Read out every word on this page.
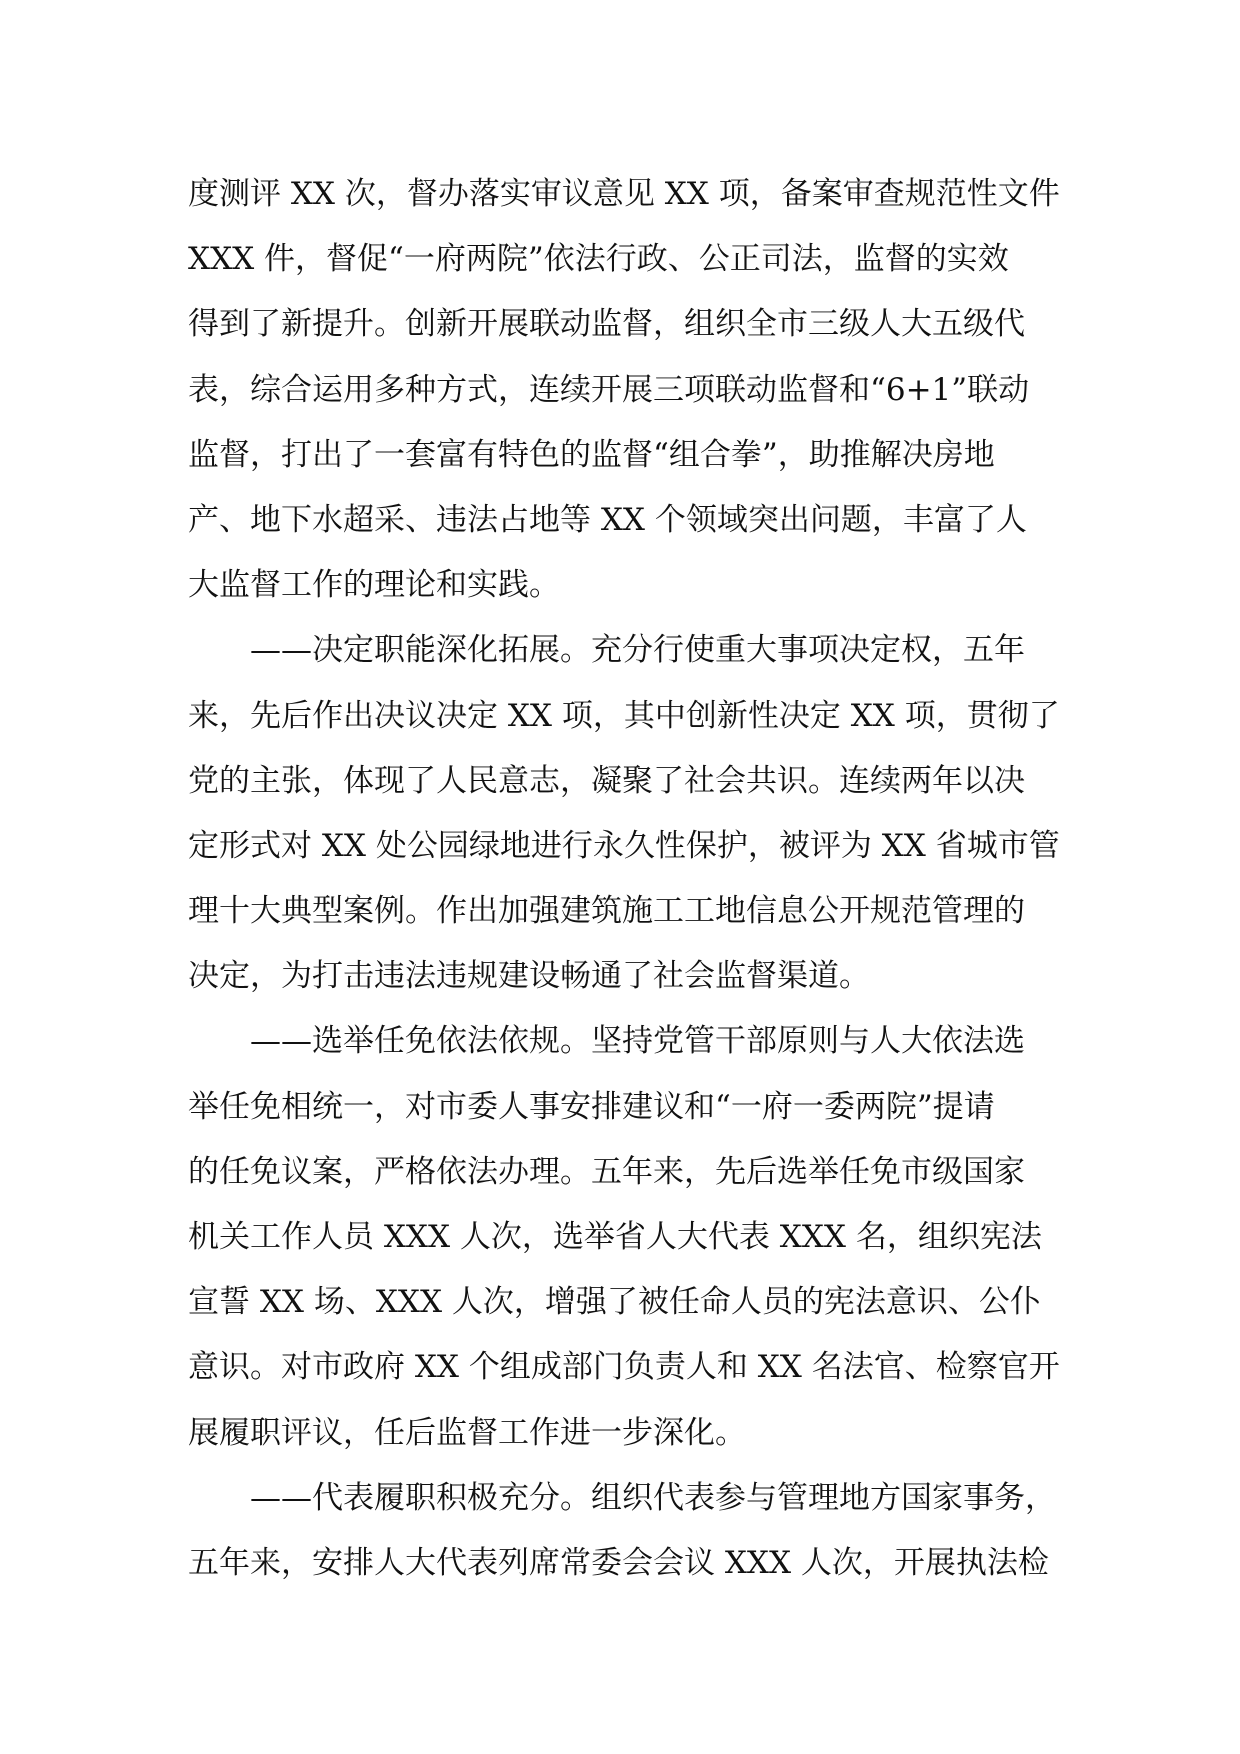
度测评 XX 次，督办落实审议意见 XX 项，备案审查规范性文件
XXX 件，督促“一府两院”依法行政、公正司法，监督的实效
得到了新提升。创新开展联动监督，组织全市三级人大五级代
表，综合运用多种方式，连续开展三项联动监督和“6+1”联动
监督，打出了一套富有特色的监督“组合拳”，助推解决房地
产、地下水超采、违法占地等 XX 个领域突出问题，丰富了人
大监督工作的理论和实践。
——决定职能深化拓展。充分行使重大事项决定权，五年
来，先后作出决议决定 XX 项，其中创新性决定 XX 项，贯彻了
党的主张，体现了人民意志，凝聚了社会共识。连续两年以决
定形式对 XX 处公园绿地进行永久性保护，被评为 XX 省城市管
理十大典型案例。作出加强建筑施工工地信息公开规范管理的
决定，为打击违法违规建设畅通了社会监督渠道。
——选举任免依法依规。坚持党管干部原则与人大依法选
举任免相统一，对市委人事安排建议和“一府一委两院”提请
的任免议案，严格依法办理。五年来，先后选举任免市级国家
机关工作人员 XXX 人次，选举省人大代表 XXX 名，组织宪法
宣誓 XX 场、XXX 人次，增强了被任命人员的宪法意识、公仆
意识。对市政府 XX 个组成部门负责人和 XX 名法官、检察官开
展履职评议，任后监督工作进一步深化。
——代表履职积极充分。组织代表参与管理地方国家事务，
五年来，安排人大代表列席常委会会议 XXX 人次，开展执法检
